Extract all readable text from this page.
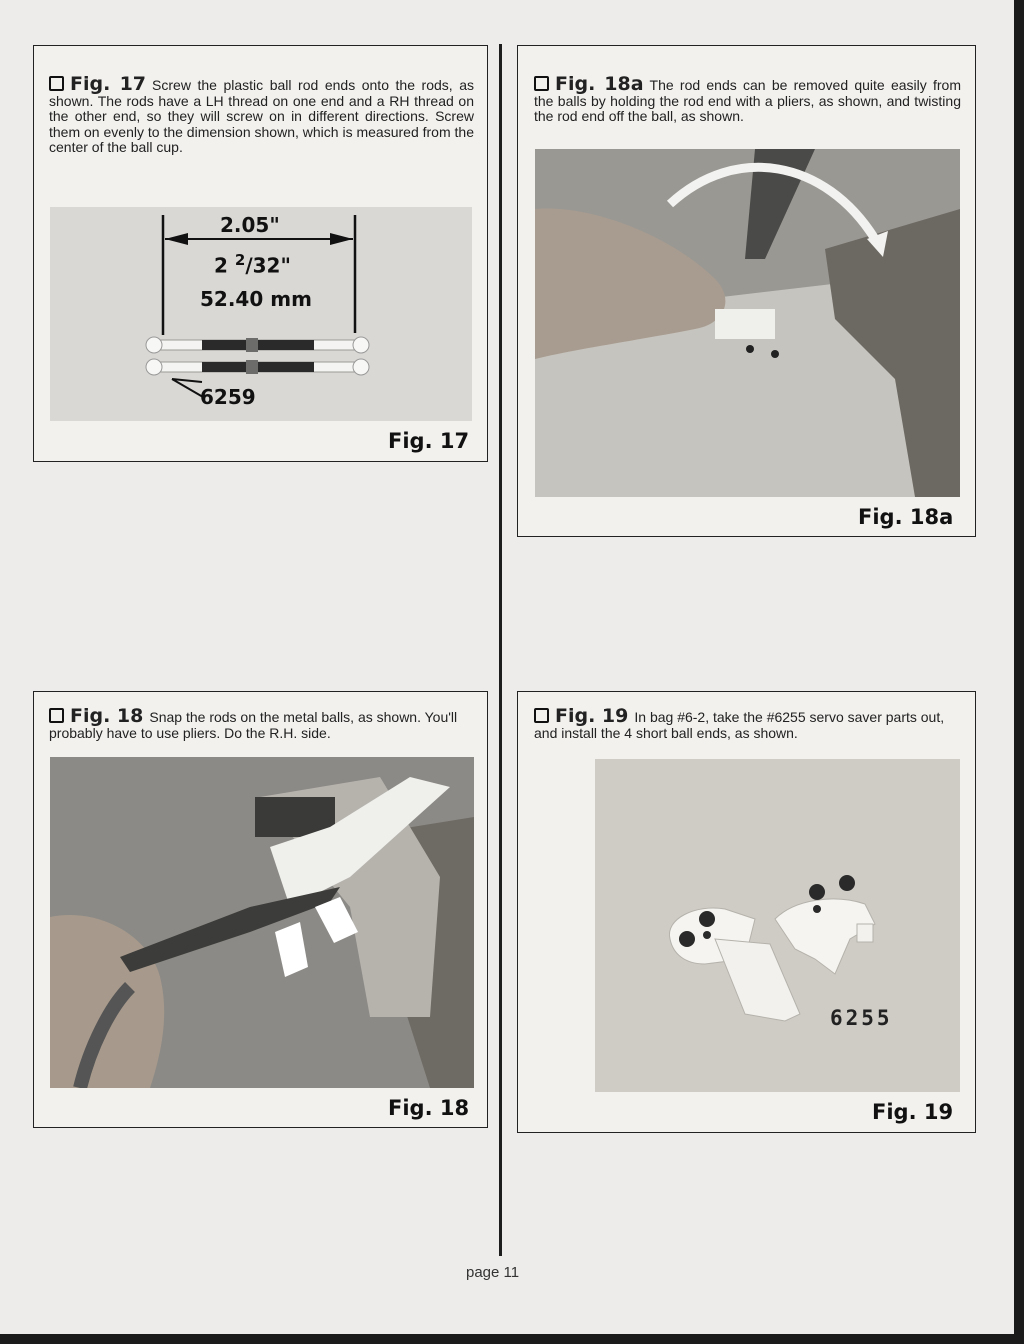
Fig. 17 Screw the plastic ball rod ends onto the rods, as shown. The rods have a LH thread on one end and a RH thread on the other end, so they will screw on in different directions. Screw them on evenly to the dimension shown, which is measured from the center of the ball cup.
2.05"
2 $^2$/32"
52.40 mm
6259
Fig. 17
Fig. 18a The rod ends can be removed quite easily from the balls by holding the rod end with a pliers, as shown, and twisting the rod end off the ball, as shown.
Fig. 18a
Fig. 18 Snap the rods on the metal balls, as shown. You'll probably have to use pliers. Do the R.H. side.
Fig. 18
Fig. 19 In bag #6-2, take the #6255 servo saver parts out, and install the 4 short ball ends, as shown.
6255
Fig. 19
page 11
